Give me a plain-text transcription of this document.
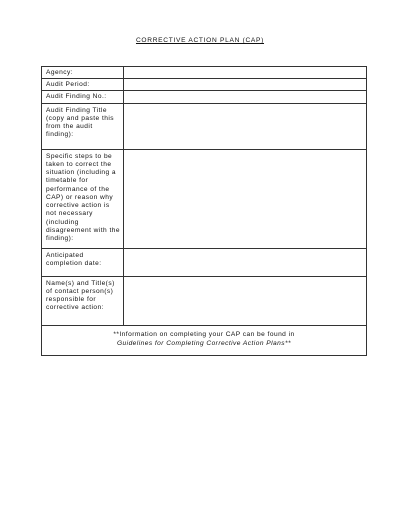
CORRECTIVE ACTION PLAN (CAP)
Agency:	
Audit Period:	
Audit Finding No.:	
Audit Finding Title (copy and paste this from the audit finding):	
Specific steps to be taken to correct the situation (including a timetable for performance of the CAP) or reason why corrective action is not necessary (including disagreement with the finding):	
Anticipated completion date:	
Name(s) and Title(s) of contact person(s) responsible for corrective action:	

**Information on completing your CAP can be found in
Guidelines for Completing Corrective Action Plans**	
